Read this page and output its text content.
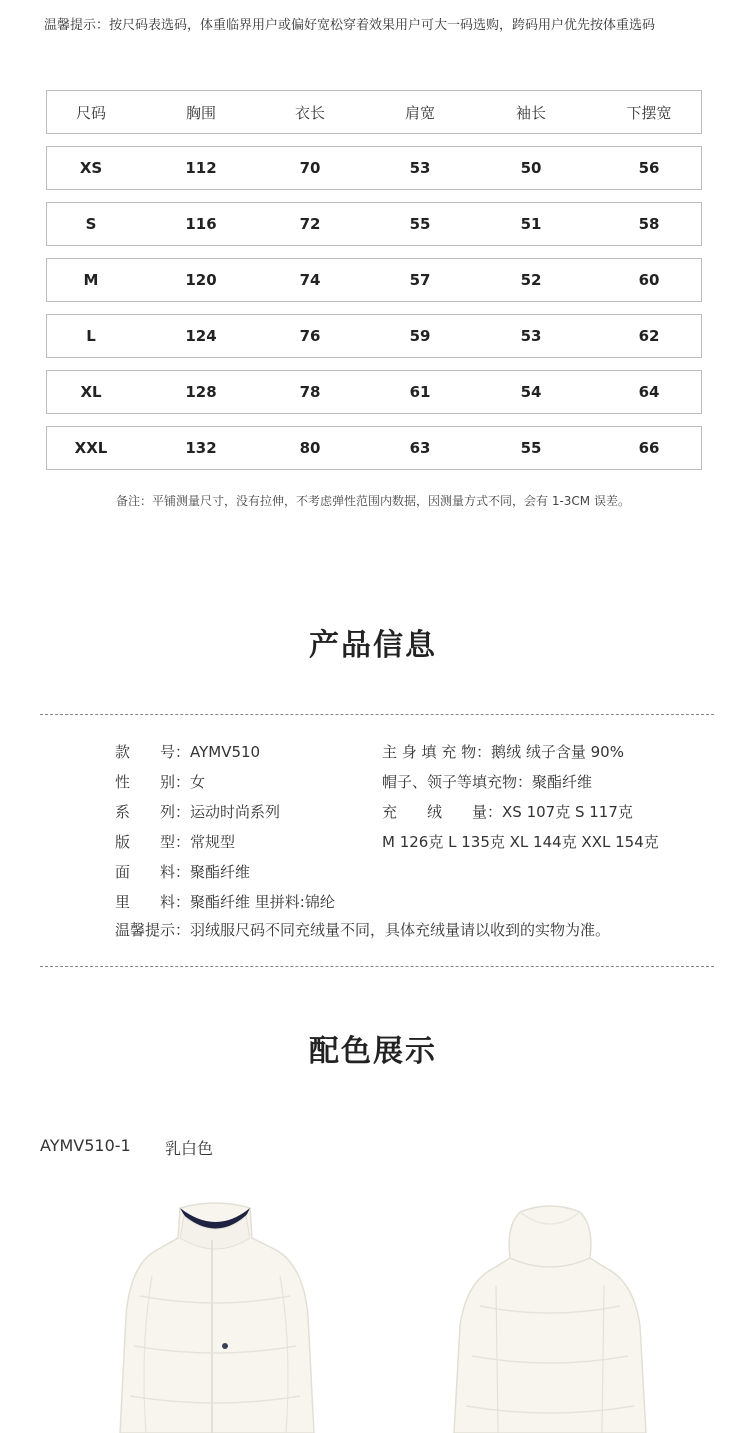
温馨提示：按尺码表选码，体重临界用户或偏好宽松穿着效果用户可大一码选购，跨码用户优先按体重选码
尺码	胸围	衣长	肩宽	袖长	下摆宽
XS	112	70	53	50	56
S	116	72	55	51	58
M	120	74	57	52	60
L	124	76	59	53	62
XL	128	78	61	54	64
XXL	132	80	63	55	66
备注：平铺测量尺寸，没有拉伸，不考虑弹性范围内数据，因测量方式不同，会有 1-3CM 误差。
产品信息
款　　号：AYMV510
性　　别：女
系　　列：运动时尚系列
版　　型：常规型
面　　料：聚酯纤维
里　　料：聚酯纤维 里拼料:锦纶
主 身 填 充 物：鹅绒 绒子含量 90%
帽子、领子等填充物：聚酯纤维
充　　绒　　量：XS 107克 S 117克
M 126克 L 135克 XL 144克 XXL 154克
温馨提示：羽绒服尺码不同充绒量不同，具体充绒量请以收到的实物为准。
配色展示
AYMV510-1 乳白色
